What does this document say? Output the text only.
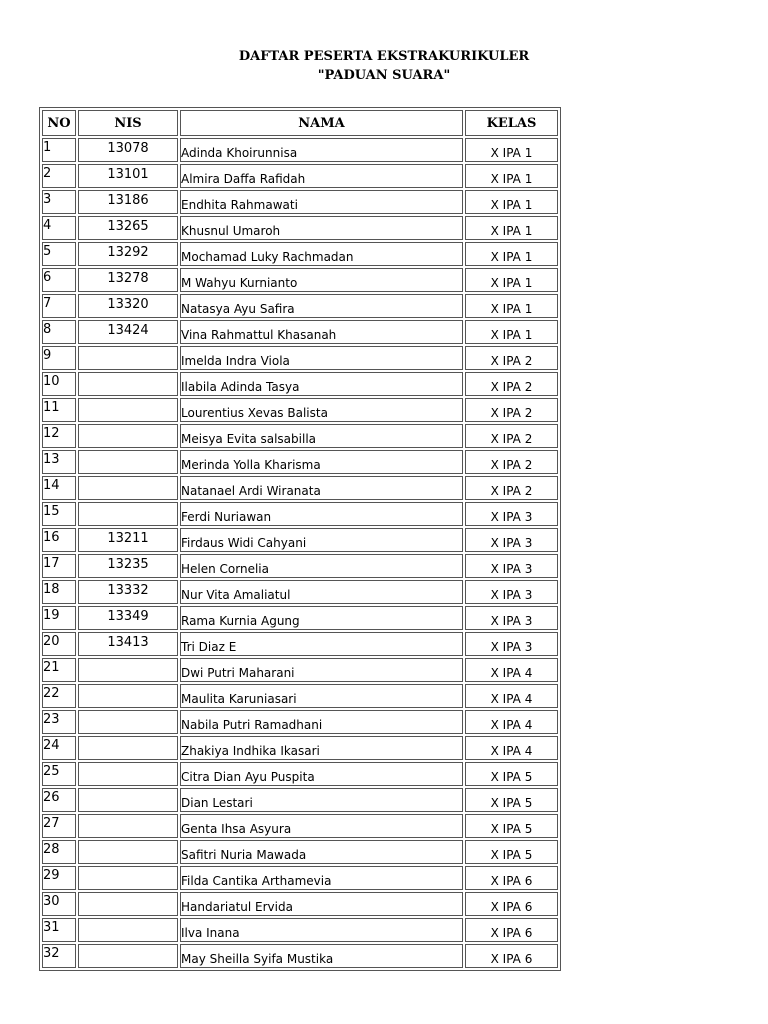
DAFTAR PESERTA EKSTRAKURIKULER
"PADUAN SUARA"
NO	NIS	NAMA	KELAS
1	13078	Adinda Khoirunnisa	X IPA 1
2	13101	Almira Daffa Rafidah	X IPA 1
3	13186	Endhita Rahmawati	X IPA 1
4	13265	Khusnul Umaroh	X IPA 1
5	13292	Mochamad Luky Rachmadan	X IPA 1
6	13278	M Wahyu Kurnianto	X IPA 1
7	13320	Natasya Ayu Safira	X IPA 1
8	13424	Vina Rahmattul Khasanah	X IPA 1
9		Imelda Indra Viola	X IPA 2
10		Ilabila Adinda Tasya	X IPA 2
11		Lourentius Xevas Balista	X IPA 2
12		Meisya Evita salsabilla	X IPA 2
13		Merinda Yolla Kharisma	X IPA 2
14		Natanael Ardi Wiranata	X IPA 2
15		Ferdi Nuriawan	X IPA 3
16	13211	Firdaus Widi Cahyani	X IPA 3
17	13235	Helen Cornelia	X IPA 3
18	13332	Nur Vita Amaliatul	X IPA 3
19	13349	Rama Kurnia Agung	X IPA 3
20	13413	Tri Diaz E	X IPA 3
21		Dwi Putri Maharani	X IPA 4
22		Maulita Karuniasari	X IPA 4
23		Nabila Putri Ramadhani	X IPA 4
24		Zhakiya Indhika Ikasari	X IPA 4
25		Citra Dian Ayu Puspita	X IPA 5
26		Dian Lestari	X IPA 5
27		Genta Ihsa Asyura	X IPA 5
28		Safitri Nuria Mawada	X IPA 5
29		Filda Cantika Arthamevia	X IPA 6
30		Handariatul Ervida	X IPA 6
31		Ilva Inana	X IPA 6
32		May Sheilla Syifa Mustika	X IPA 6
